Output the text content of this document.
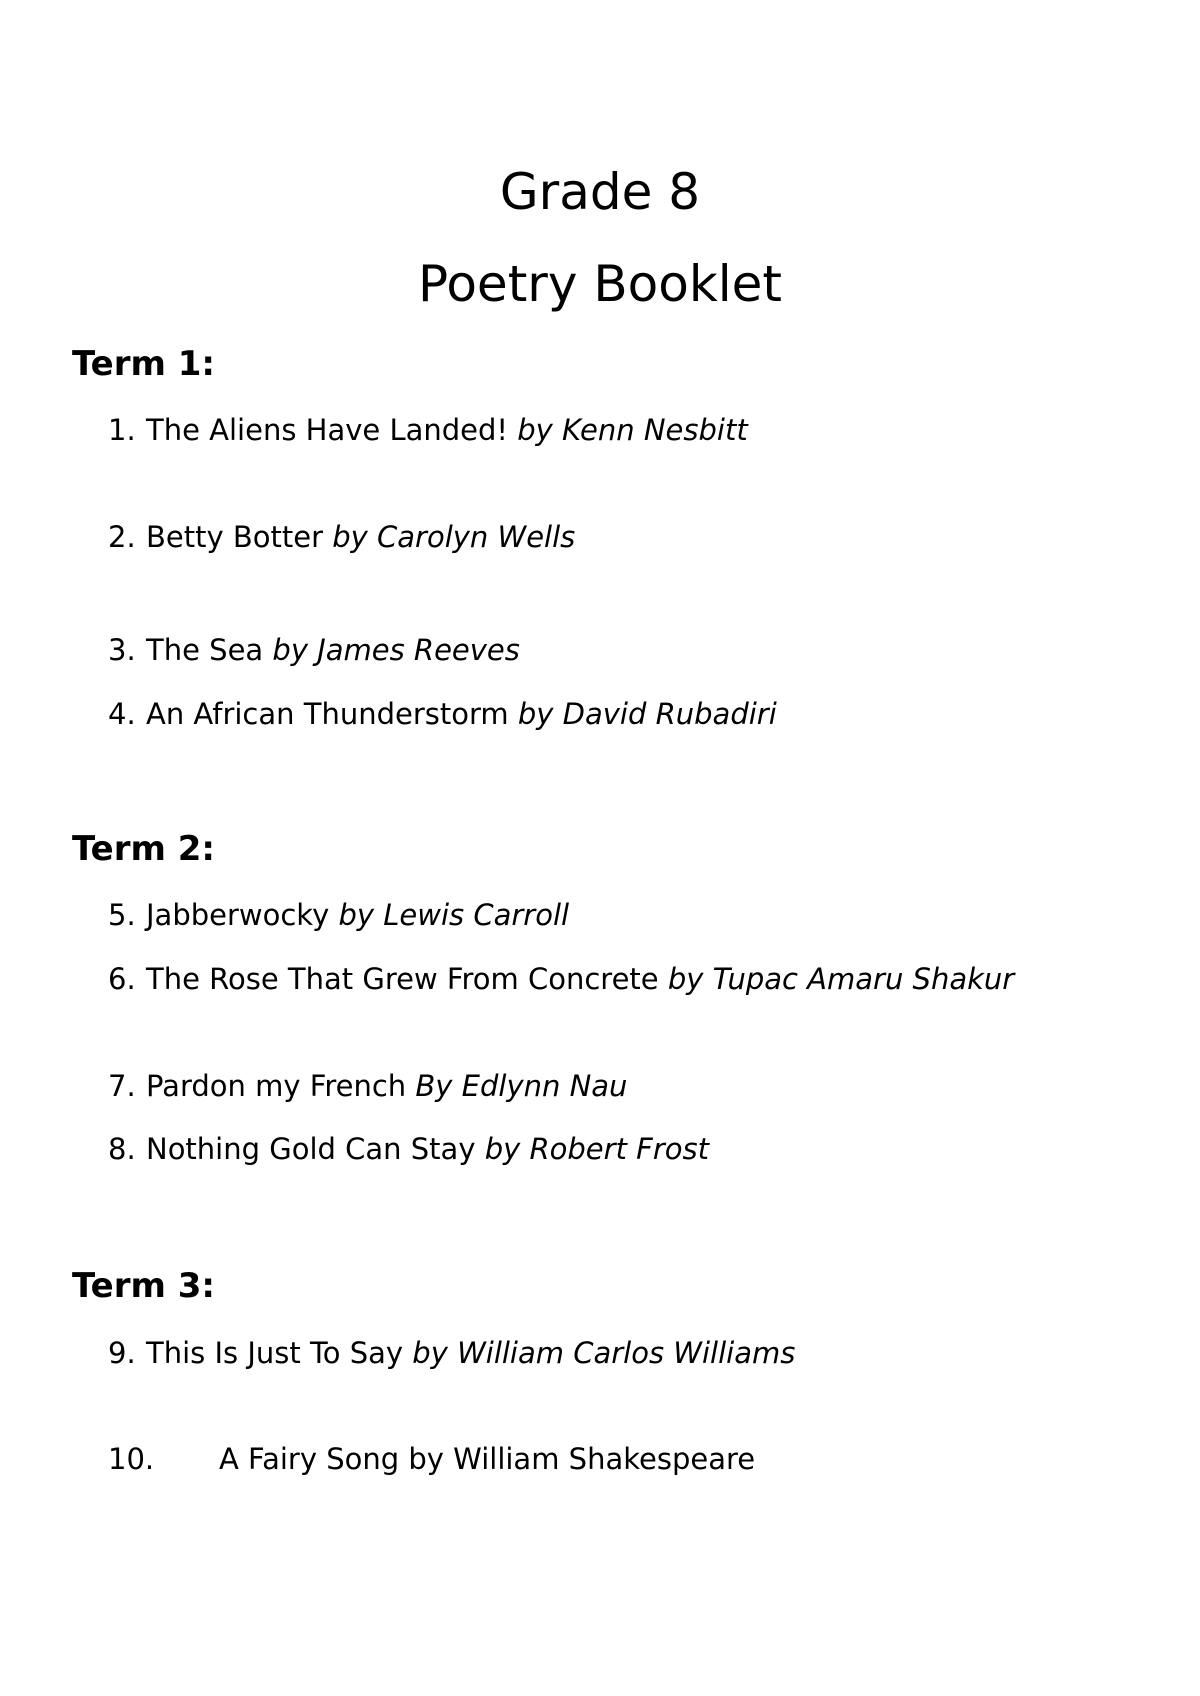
Grade 8
Poetry Booklet
Term 1:
1. The Aliens Have Landed! by Kenn Nesbitt
2. Betty Botter by Carolyn Wells
3. The Sea by James Reeves
4. An African Thunderstorm by David Rubadiri
Term 2:
5. Jabberwocky by Lewis Carroll
6. The Rose That Grew From Concrete by Tupac Amaru Shakur
7. Pardon my French By Edlynn Nau
8. Nothing Gold Can Stay by Robert Frost
Term 3:
9. This Is Just To Say by William Carlos Williams
10. A Fairy Song by William Shakespeare
